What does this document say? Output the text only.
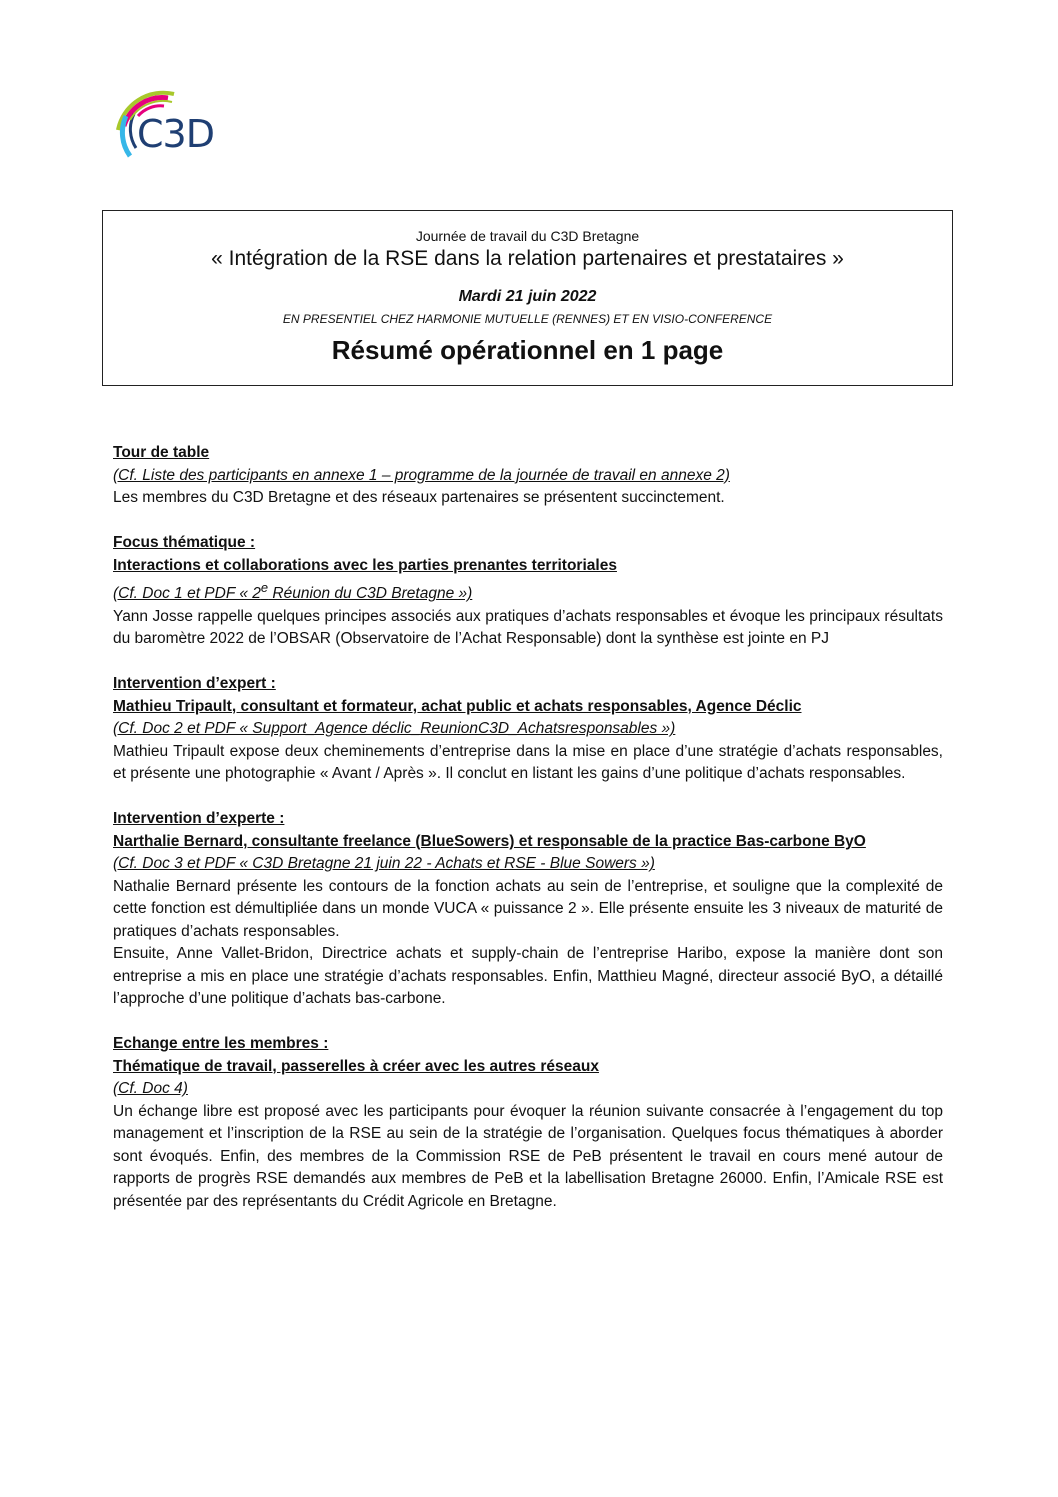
C3D
Journée de travail du C3D Bretagne
« Intégration de la RSE dans la relation partenaires et prestataires »
Mardi 21 juin 2022
EN PRESENTIEL CHEZ HARMONIE MUTUELLE (RENNES) ET EN VISIO-CONFERENCE
Résumé opérationnel en 1 page

Tour de table

(Cf. Liste des participants en annexe 1 – programme de la journée de travail en annexe 2)

Les membres du C3D Bretagne et des réseaux partenaires se présentent succinctement.

Focus thématique :

Interactions et collaborations avec les parties prenantes territoriales

(Cf. Doc 1 et PDF « 2e Réunion du C3D Bretagne »)

Yann Josse rappelle quelques principes associés aux pratiques d’achats responsables et évoque les principaux résultats du baromètre 2022 de l’OBSAR (Observatoire de l’Achat Responsable) dont la synthèse est jointe en PJ

Intervention d’expert :

Mathieu Tripault, consultant et formateur, achat public et achats responsables, Agence Déclic

(Cf. Doc 2 et PDF « Support_Agence déclic_ReunionC3D_Achatsresponsables »)

Mathieu Tripault expose deux cheminements d’entreprise dans la mise en place d’une stratégie d’achats responsables, et présente une photographie « Avant / Après ». Il conclut en listant les gains d’une politique d’achats responsables.

Intervention d’experte :

Narthalie Bernard, consultante freelance (BlueSowers) et responsable de la practice Bas-carbone ByO

(Cf. Doc 3 et PDF « C3D Bretagne 21 juin 22 - Achats et RSE - Blue Sowers »)

Nathalie Bernard présente les contours de la fonction achats au sein de l’entreprise, et souligne que la complexité de cette fonction est démultipliée dans un monde VUCA « puissance 2 ». Elle présente ensuite les 3 niveaux de maturité de pratiques d’achats responsables.

Ensuite, Anne Vallet-Bridon, Directrice achats et supply-chain de l’entreprise Haribo, expose la manière dont son entreprise a mis en place une stratégie d’achats responsables. Enfin, Matthieu Magné, directeur associé ByO, a détaillé l’approche d’une politique d’achats bas-carbone.

Echange entre les membres :

Thématique de travail, passerelles à créer avec les autres réseaux

(Cf. Doc 4)

Un échange libre est proposé avec les participants pour évoquer la réunion suivante consacrée à l’engagement du top management et l’inscription de la RSE au sein de la stratégie de l’organisation. Quelques focus thématiques à aborder sont évoqués. Enfin, des membres de la Commission RSE de PeB présentent le travail en cours mené autour de rapports de progrès RSE demandés aux membres de PeB et la labellisation Bretagne 26000. Enfin, l’Amicale RSE est présentée par des représentants du Crédit Agricole en Bretagne.
